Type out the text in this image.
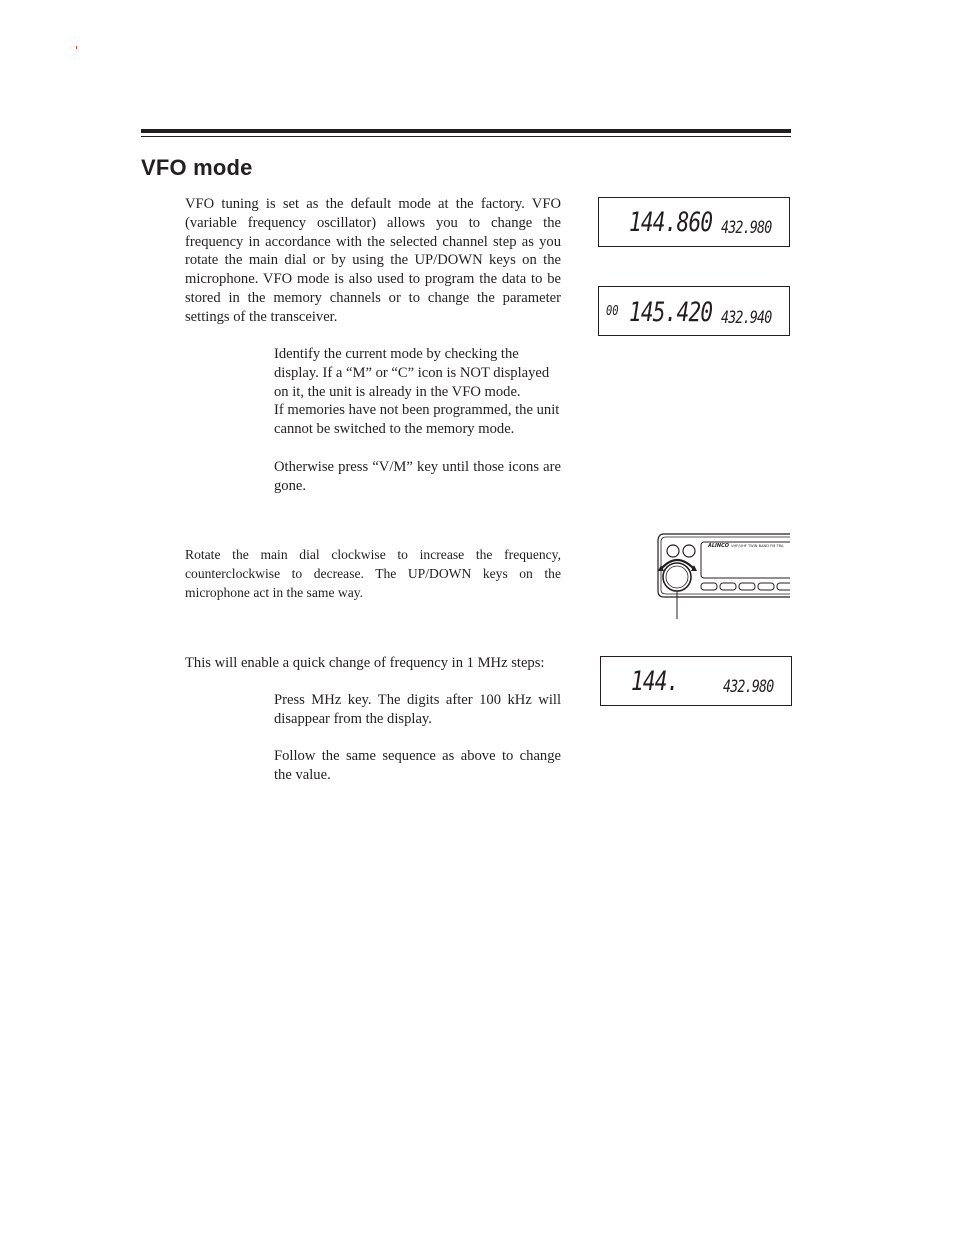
VFO mode

VFO tuning is set as the default mode at the factory. VFO (variable frequency oscillator) allows you to change the frequency in accordance with the selected channel step as you rotate the main dial or by using the UP/DOWN keys on the microphone. VFO mode is also used to program the data to be stored in the memory channels or to change the parameter settings of the transceiver.

Identify the current mode by checking the display. If a “M” or “C” icon is NOT displayed on it, the unit is already in the VFO mode.
If memories have not been programmed, the unit cannot be switched to the memory mode.

Otherwise press “V/M” key until those icons are gone.

Rotate the main dial clockwise to increase the frequency, counterclockwise to decrease. The UP/DOWN keys on the microphone act in the same way.

This will enable a quick change of frequency in 1 MHz steps:

Press MHz key. The digits after 100 kHz will disappear from the display.

Follow the same sequence as above to change the value.

144.860 432.980
00 145.420 432.940
ALINCO VHF/UHF TWIN BAND FM TRA
144.	432.980
